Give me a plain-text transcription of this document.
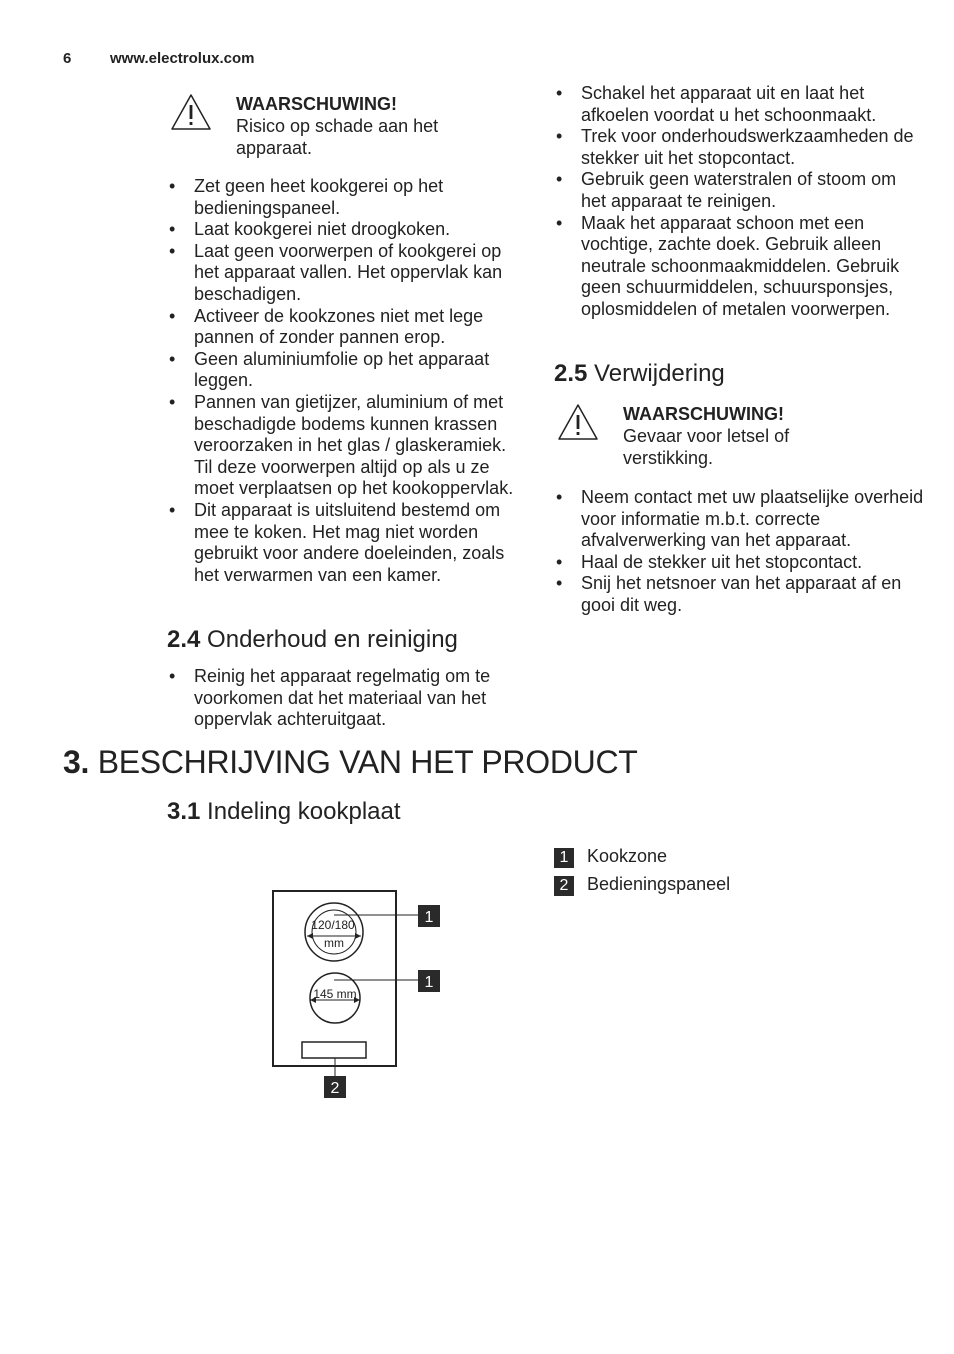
6	www.electrolux.com
WAARSCHUWING!
Risico op schade aan het apparaat.
• Zet geen heet kookgerei op het bedieningspaneel.
• Laat kookgerei niet droogkoken.
• Laat geen voorwerpen of kookgerei op het apparaat vallen. Het oppervlak kan beschadigen.
• Activeer de kookzones niet met lege pannen of zonder pannen erop.
• Geen aluminiumfolie op het apparaat leggen.
• Pannen van gietijzer, aluminium of met beschadigde bodems kunnen krassen veroorzaken in het glas / glaskeramiek. Til deze voorwerpen altijd op als u ze moet verplaatsen op het kookoppervlak.
• Dit apparaat is uitsluitend bestemd om mee te koken. Het mag niet worden gebruikt voor andere doeleinden, zoals het verwarmen van een kamer.
2.4 Onderhoud en reiniging
• Reinig het apparaat regelmatig om te voorkomen dat het materiaal van het oppervlak achteruitgaat.
• Schakel het apparaat uit en laat het afkoelen voordat u het schoonmaakt.
• Trek voor onderhoudswerkzaamheden de stekker uit het stopcontact.
• Gebruik geen waterstralen of stoom om het apparaat te reinigen.
• Maak het apparaat schoon met een vochtige, zachte doek. Gebruik alleen neutrale schoonmaakmiddelen. Gebruik geen schuurmiddelen, schuursponsjes, oplosmiddelen of metalen voorwerpen.
2.5 Verwijdering
WAARSCHUWING!
Gevaar voor letsel of verstikking.
• Neem contact met uw plaatselijke overheid voor informatie m.b.t. correcte afvalverwerking van het apparaat.
• Haal de stekker uit het stopcontact.
• Snij het netsnoer van het apparaat af en gooi dit weg.
3. BESCHRIJVING VAN HET PRODUCT
3.1 Indeling kookplaat
120/180
mm
145 mm
1
1
2
1	Kookzone
2	Bedieningspaneel
